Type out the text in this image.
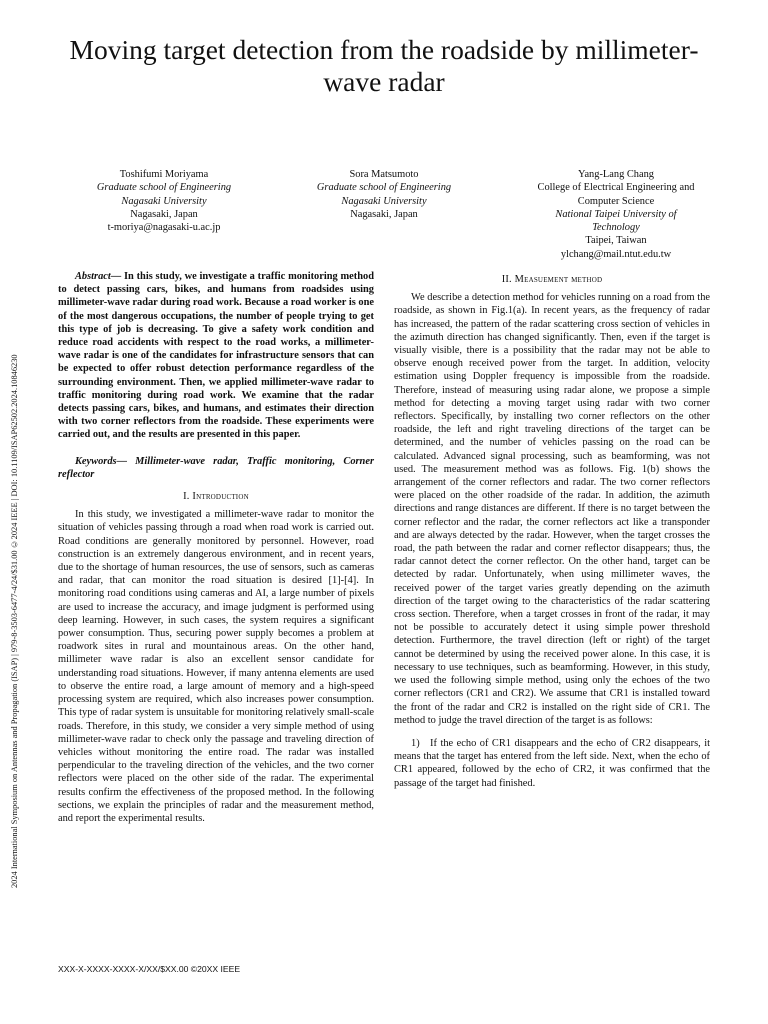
2024 International Symposium on Antennas and Propagation (ISAP) | 979-8-3503-6477-4/24/$31.00 ©2024 IEEE | DOI: 10.1109/ISAP62502.2024.10846230
Moving target detection from the roadside by millimeter-wave radar
Toshifumi Moriyama
Graduate school of Engineering
Nagasaki University
Nagasaki, Japan
t-moriya@nagasaki-u.ac.jp
Sora Matsumoto
Graduate school of Engineering
Nagasaki University
Nagasaki, Japan
Yang-Lang Chang
College of Electrical Engineering and
Computer Science
National Taipei University of
Technology
Taipei, Taiwan
ylchang@mail.ntut.edu.tw

Abstract— In this study, we investigate a traffic monitoring method to detect passing cars, bikes, and humans from roadsides using millimeter-wave radar during road work. Because a road worker is one of the most dangerous occupations, the number of people trying to get this type of job is decreasing. To give a safety work condition and reduce road accidents with respect to the road works, a millimeter-wave radar is one of the candidates for infrastructure sensors that can be expected to offer robust detection performance regardless of the surrounding environment. Then, we applied millimeter-wave radar to traffic monitoring during road work. We examine that the radar detects passing cars, bikes, and humans, and estimates their direction with two corner reflectors from the roadside. These experiments were carried out, and the results are presented in this paper.

Keywords— Millimeter-wave radar, Traffic monitoring, Corner reflector

I. Introduction

In this study, we investigated a millimeter-wave radar to monitor the situation of vehicles passing through a road when road work is carried out. Road conditions are generally monitored by personnel. However, road construction is an extremely dangerous environment, and in recent years, due to the shortage of human resources, the use of sensors, such as cameras and radar, that can monitor the road situation is desired [1]-[4]. In monitoring road conditions using cameras and AI, a large number of pixels are used to increase the accuracy, and image judgment is performed using deep learning. However, in such cases, the system requires a significant power consumption. Thus, securing power supply becomes a problem at roadwork sites in rural and mountainous areas. On the other hand, millimeter wave radar is also an excellent sensor candidate for understanding road situations. However, if many antenna elements are used to observe the entire road, a large amount of memory and a high-speed processing system are required, which also increases power consumption. This type of radar system is unsuitable for monitoring relatively small-scale roads. Therefore, in this study, we consider a very simple method of using millimeter-wave radar to check only the passage and traveling direction of vehicles without monitoring the entire road. The radar was installed perpendicular to the traveling direction of the vehicles, and the two corner reflectors were placed on the other side of the radar. The experimental results confirm the effectiveness of the proposed method. In the following sections, we explain the principles of radar and the measurement method, and report the experimental results.

II. Measuement method

We describe a detection method for vehicles running on a road from the roadside, as shown in Fig.1(a). In recent years, as the frequency of radar has increased, the pattern of the radar scattering cross section of vehicles in the azimuth direction has changed significantly. Then, even if the target is visually visible, there is a possibility that the radar may not be able to observe enough received power from the target. In addition, velocity estimation using Doppler frequency is impossible from the roadside. Therefore, instead of measuring using radar alone, we propose a simple method for detecting a moving target using radar with two corner reflectors. Specifically, by installing two corner reflectors on the other roadside, the left and right traveling directions of the target can be determined, and the number of vehicles passing on the road can be calculated. Advanced signal processing, such as beamforming, was not used. The measurement method was as follows. Fig. 1(b) shows the arrangement of the corner reflectors and radar. The two corner reflectors were placed on the other roadside of the radar. In addition, the azimuth directions and range distances are different. If there is no target between the corner reflector and the radar, the corner reflectors act like a transponder and are always detected by the radar. However, when the target crosses the road, the path between the radar and corner reflector disappears; thus, the radar cannot detect the corner reflector. On the other hand, target can be detected by radar. Unfortunately, when using millimeter waves, the received power of the target varies greatly depending on the azimuth direction of the target owing to the characteristics of the radar scattering cross section. Therefore, when a target crosses in front of the radar, it may not be possible to accurately detect it using simple power threshold detection. Furthermore, the travel direction (left or right) of the target cannot be determined by using the received power alone. In this case, it is necessary to use techniques, such as beamforming. However, in this study, we used the following simple method, using only the echoes of the two corner reflectors (CR1 and CR2). We assume that CR1 is installed toward the front of the radar and CR2 is installed on the right side of CR1. The method to judge the travel direction of the target is as follows:

1) If the echo of CR1 disappears and the echo of CR2 disappears, it means that the target has entered from the left side. Next, when the echo of CR1 appeared, followed by the echo of CR2, it was confirmed that the passage of the target had finished.

XXX-X-XXXX-XXXX-X/XX/$XX.00 ©20XX IEEE
